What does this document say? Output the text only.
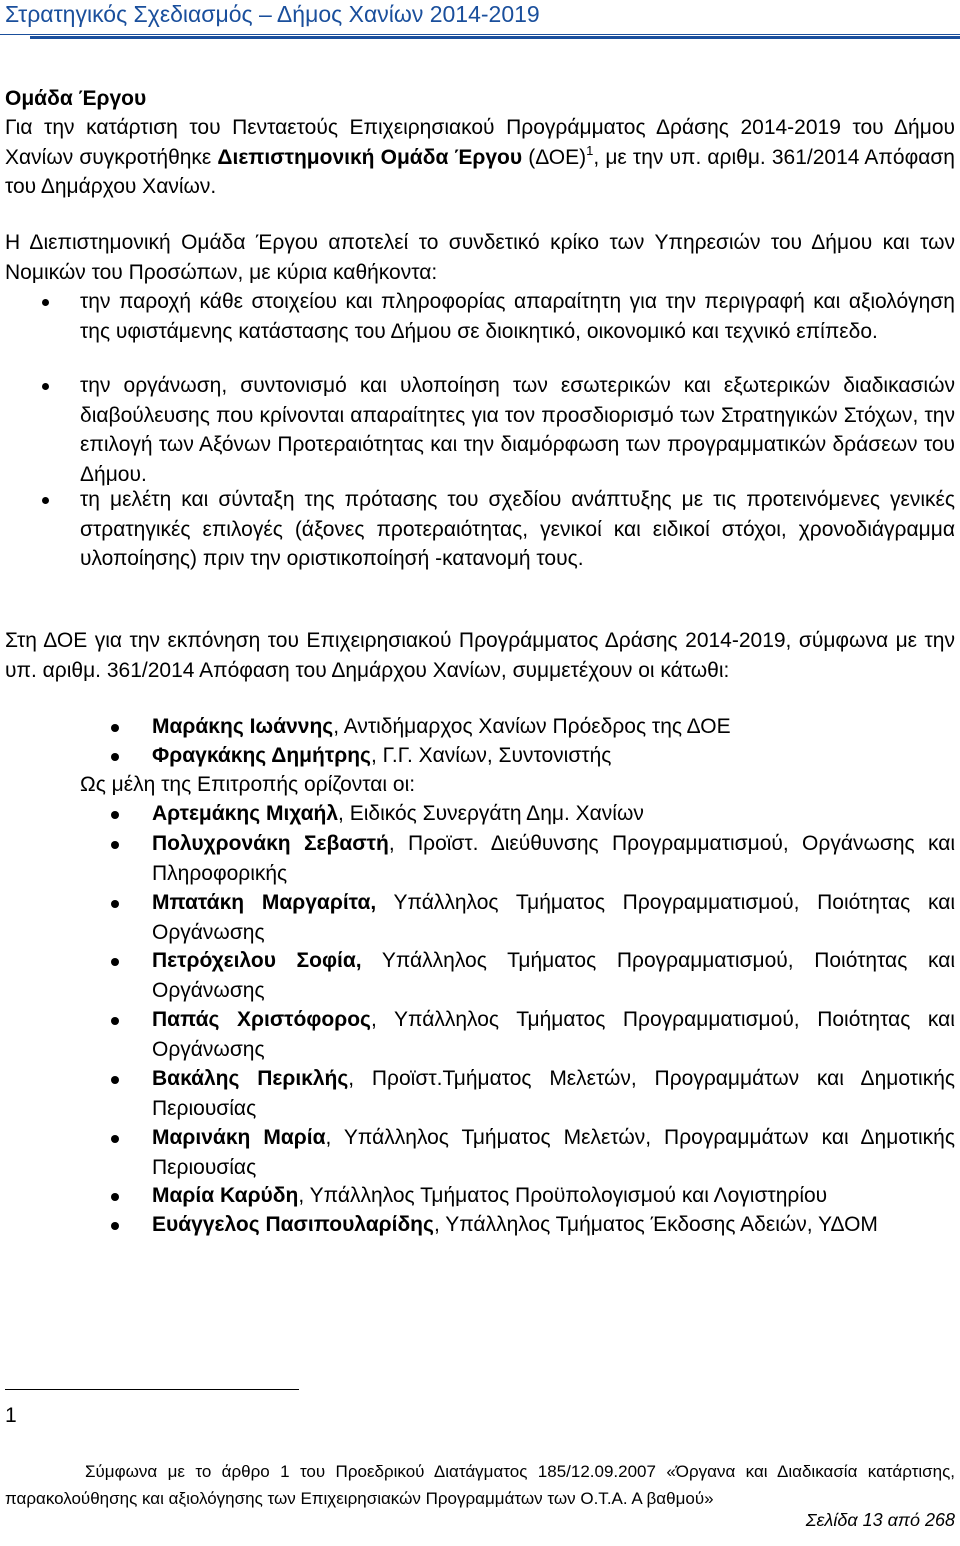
Στρατηγικός Σχεδιασμός – Δήμος Χανίων 2014-2019
Ομάδα Έργου
Για την κατάρτιση του Πενταετούς Επιχειρησιακού Προγράμματος Δράσης 2014-2019 του Δήμου Χανίων συγκροτήθηκε Διεπιστημονική Ομάδα Έργου $(\Delta OE)^1$, με την υπ. αριθμ. 361/2014 Απόφαση του Δημάρχου Χανίων.
Η Διεπιστημονική Ομάδα Έργου αποτελεί το συνδετικό κρίκο των Υπηρεσιών του Δήμου και των Νομικών του Προσώπων, με κύρια καθήκοντα:
την παροχή κάθε στοιχείου και πληροφορίας απαραίτητη για την περιγραφή και αξιολόγηση της υφιστάμενης κατάστασης του Δήμου σε διοικητικό, οικονομικό και τεχνικό επίπεδο.
την οργάνωση, συντονισμό και υλοποίηση των εσωτερικών και εξωτερικών διαδικασιών διαβούλευσης που κρίνονται απαραίτητες για τον προσδιορισμό των Στρατηγικών Στόχων, την επιλογή των Αξόνων Προτεραιότητας και την διαμόρφωση των προγραμματικών δράσεων του Δήμου.
τη μελέτη και σύνταξη της πρότασης του σχεδίου ανάπτυξης με τις προτεινόμενες γενικές στρατηγικές επιλογές (άξονες προτεραιότητας, γενικοί και ειδικοί στόχοι, χρονοδιάγραμμα υλοποίησης) πριν την οριστικοποίησή -κατανομή τους.
Στη ΔΟΕ για την εκπόνηση του Επιχειρησιακού Προγράμματος Δράσης 2014-2019, σύμφωνα με την υπ. αριθμ. 361/2014 Απόφαση του Δημάρχου Χανίων, συμμετέχουν οι κάτωθι:
Μαράκης Ιωάννης, Αντιδήμαρχος Χανίων Πρόεδρος της ΔΟΕ
Φραγκάκης Δημήτρης, Γ.Γ. Χανίων, Συντονιστής
Ως μέλη της Επιτροπής ορίζονται οι:
Αρτεμάκης Μιχαήλ, Ειδικός Συνεργάτη Δημ. Χανίων
Πολυχρονάκη Σεβαστή, Προϊστ. Διεύθυνσης Προγραμματισμού, Οργάνωσης και Πληροφορικής
Μπατάκη Μαργαρίτα, Υπάλληλος Τμήματος Προγραμματισμού, Ποιότητας και Οργάνωσης
Πετρόχειλου Σοφία, Υπάλληλος Τμήματος Προγραμματισμού, Ποιότητας και Οργάνωσης
Παπάς Χριστόφορος, Υπάλληλος Τμήματος Προγραμματισμού, Ποιότητας και Οργάνωσης
Βακάλης Περικλής, Προϊστ.Τμήματος Μελετών, Προγραμμάτων και Δημοτικής Περιουσίας
Μαρινάκη Μαρία, Υπάλληλος Τμήματος Μελετών, Προγραμμάτων και Δημοτικής Περιουσίας
Μαρία Καρύδη, Υπάλληλος Τμήματος Προϋπολογισμού και Λογιστηρίου
Ευάγγελος Πασιπουλαρίδης, Υπάλληλος Τμήματος Έκδοσης Αδειών, ΥΔΟΜ
1
Σύμφωνα με το άρθρο 1 του Προεδρικού Διατάγματος 185/12.09.2007 «Όργανα και Διαδικασία κατάρτισης, παρακολούθησης και αξιολόγησης των Επιχειρησιακών Προγραμμάτων των Ο.Τ.Α. Α βαθμού»
Σελίδα 13 από 268
